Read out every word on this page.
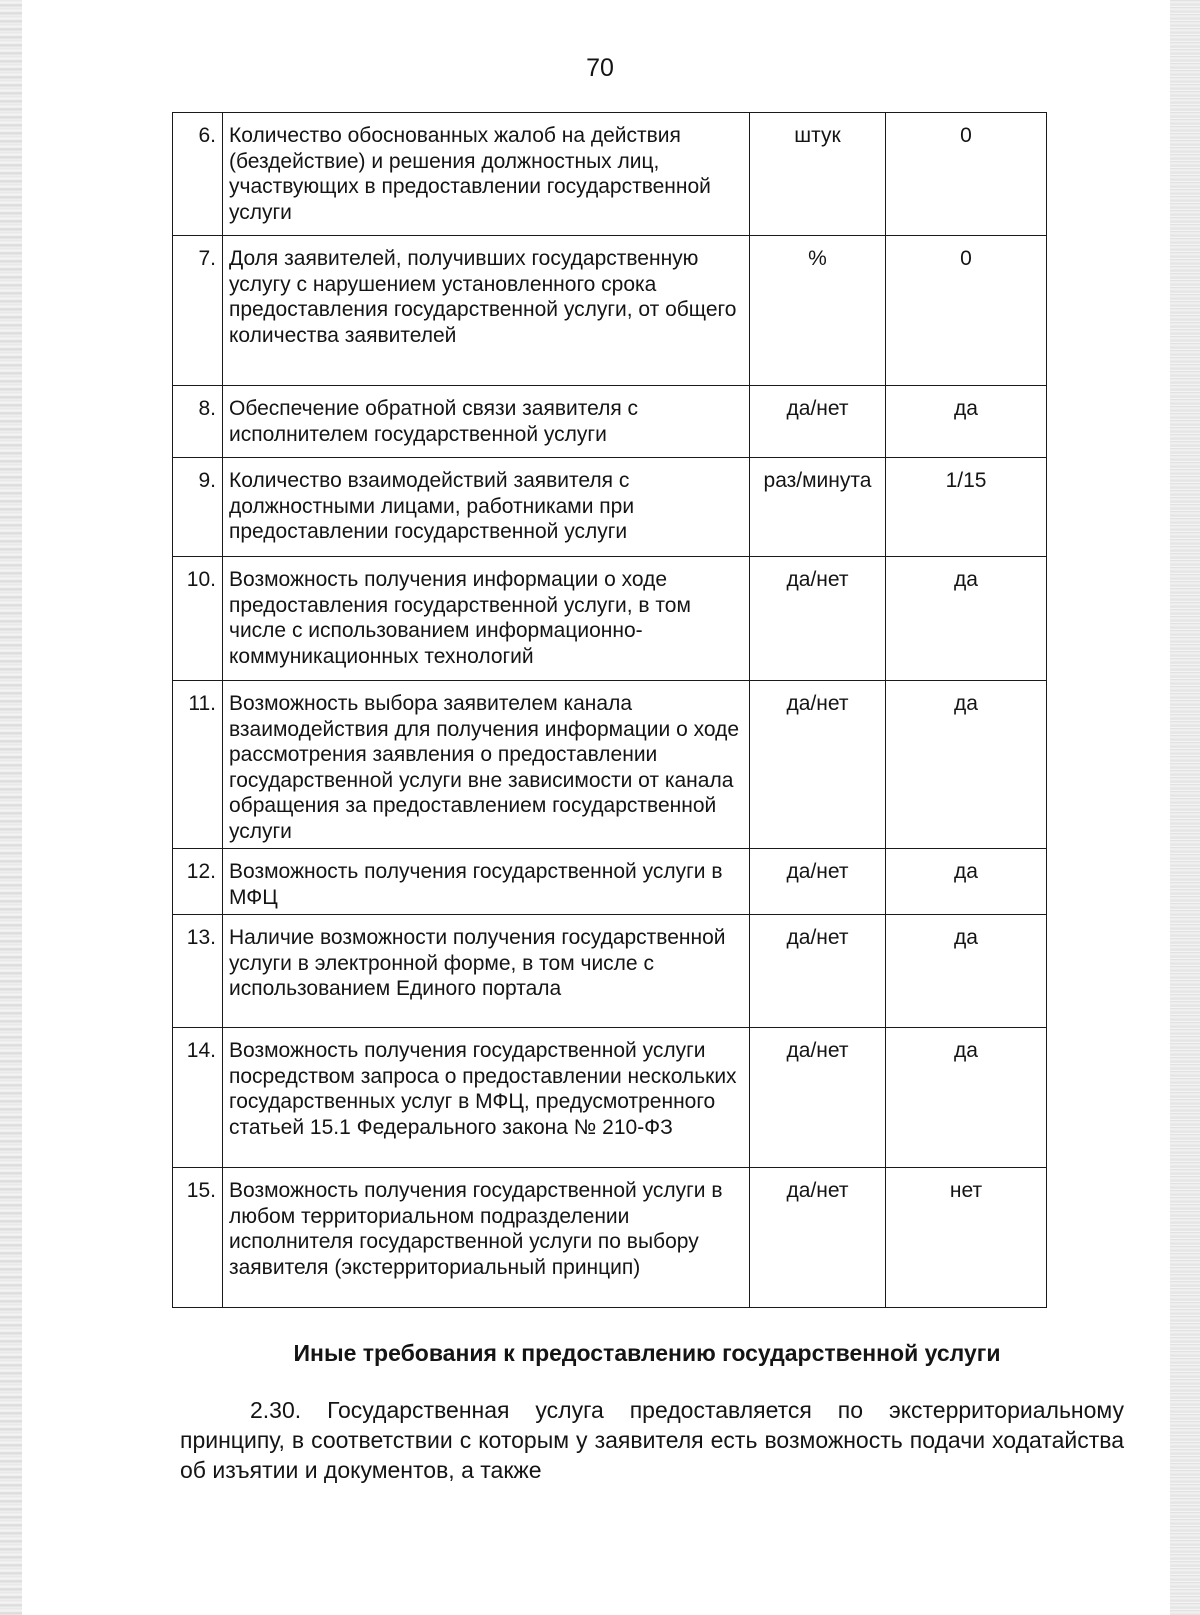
70
6.	Количество обоснованных жалоб на действия (бездействие) и решения должностных лиц, участвующих в предоставлении государственной услуги	штук	0
7.	Доля заявителей, получивших государственную услугу с нарушением установленного срока предоставления государственной услуги, от общего количества заявителей	%	0
8.	Обеспечение обратной связи заявителя с исполнителем государственной услуги	да/нет	да
9.	Количество взаимодействий заявителя с должностными лицами, работниками при предоставлении государственной услуги	раз/минута	1/15
10.	Возможность получения информации о ходе предоставления государственной услуги, в том числе с использованием информационно-коммуникационных технологий	да/нет	да
11.	Возможность выбора заявителем канала взаимодействия для получения информации о ходе рассмотрения заявления о предоставлении государственной услуги вне зависимости от канала обращения за предоставлением государственной услуги	да/нет	да
12.	Возможность получения государственной услуги в МФЦ	да/нет	да
13.	Наличие возможности получения государственной услуги в электронной форме, в том числе с использованием Единого портала	да/нет	да
14.	Возможность получения государственной услуги посредством запроса о предоставлении нескольких государственных услуг в МФЦ, предусмотренного статьей 15.1 Федерального закона № 210-ФЗ	да/нет	да
15.	Возможность получения государственной услуги в любом территориальном подразделении исполнителя государственной услуги по выбору заявителя (экстерриториальный принцип)	да/нет	нет
Иные требования к предоставлению государственной услуги
2.30. Государственная услуга предоставляется по экстерриториальному принципу, в соответствии с которым у заявителя есть возможность подачи ходатайства об изъятии и документов, а также
